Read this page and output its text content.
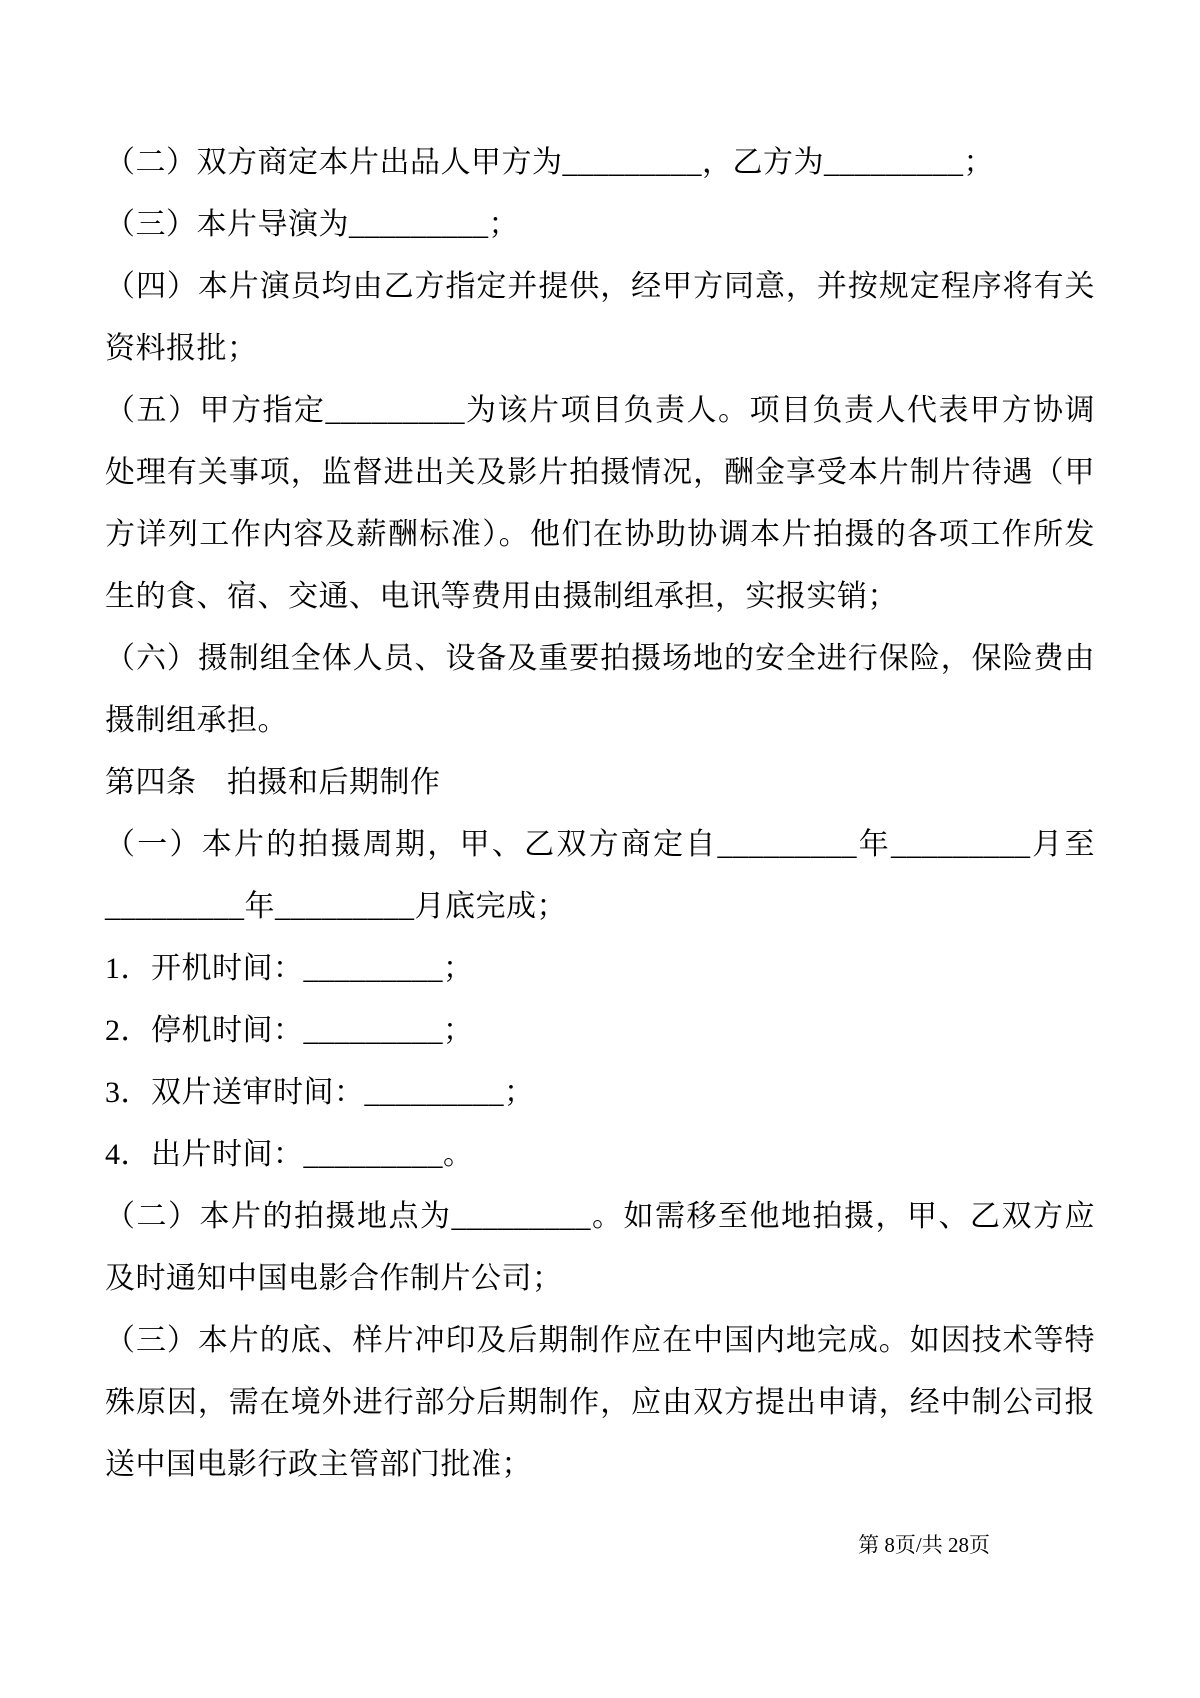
（二）双方商定本片出品人甲方为_________，乙方为_________；

（三）本片导演为_________；

（四）本片演员均由乙方指定并提供，经甲方同意，并按规定程序将有关资料报批；

（五）甲方指定_________为该片项目负责人。项目负责人代表甲方协调处理有关事项，监督进出关及影片拍摄情况，酬金享受本片制片待遇（甲方详列工作内容及薪酬标准）。他们在协助协调本片拍摄的各项工作所发生的食、宿、交通、电讯等费用由摄制组承担，实报实销；

（六）摄制组全体人员、设备及重要拍摄场地的安全进行保险，保险费由摄制组承担。

第四条　拍摄和后期制作

（一）本片的拍摄周期，甲、乙双方商定自_________年_________月至_________年_________月底完成；

1．开机时间：_________；

2．停机时间：_________；

3．双片送审时间：_________；

4．出片时间：_________。

（二）本片的拍摄地点为_________。如需移至他地拍摄，甲、乙双方应及时通知中国电影合作制片公司；

（三）本片的底、样片冲印及后期制作应在中国内地完成。如因技术等特殊原因，需在境外进行部分后期制作，应由双方提出申请，经中制公司报送中国电影行政主管部门批准；

第 8页/共 28页
